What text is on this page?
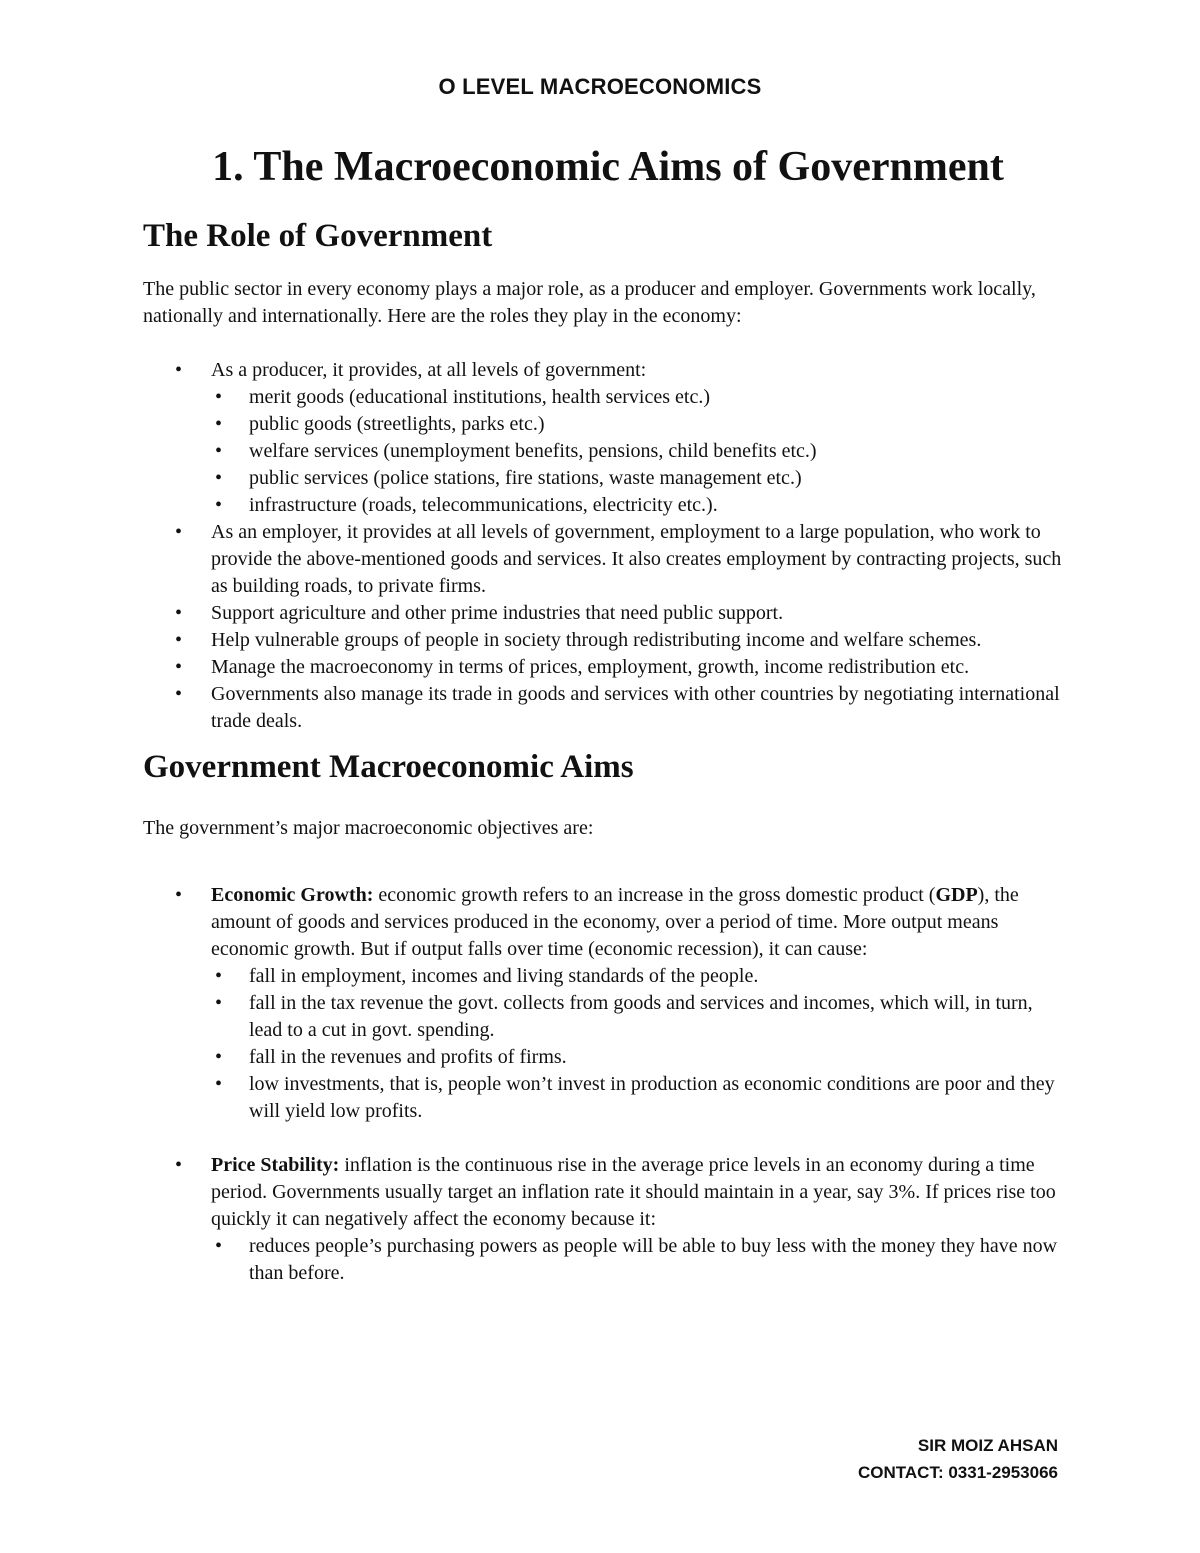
O LEVEL MACROECONOMICS
1. The Macroeconomic Aims of Government
The Role of Government

The public sector in every economy plays a major role, as a producer and employer. Governments work locally, nationally and internationally. Here are the roles they play in the economy:

• As a producer, it provides, at all levels of government:
• merit goods (educational institutions, health services etc.)
• public goods (streetlights, parks etc.)
• welfare services (unemployment benefits, pensions, child benefits etc.)
• public services (police stations, fire stations, waste management etc.)
• infrastructure (roads, telecommunications, electricity etc.).
• As an employer, it provides at all levels of government, employment to a large population, who work to provide the above-mentioned goods and services. It also creates employment by contracting projects, such as building roads, to private firms.
• Support agriculture and other prime industries that need public support.
• Help vulnerable groups of people in society through redistributing income and welfare schemes.
• Manage the macroeconomy in terms of prices, employment, growth, income redistribution etc.
• Governments also manage its trade in goods and services with other countries by negotiating international trade deals.
Government Macroeconomic Aims

The government’s major macroeconomic objectives are:

• Economic Growth: economic growth refers to an increase in the gross domestic product (GDP), the amount of goods and services produced in the economy, over a period of time. More output means economic growth. But if output falls over time (economic recession), it can cause:
• fall in employment, incomes and living standards of the people.
• fall in the tax revenue the govt. collects from goods and services and incomes, which will, in turn, lead to a cut in govt. spending.
• fall in the revenues and profits of firms.
• low investments, that is, people won’t invest in production as economic conditions are poor and they will yield low profits.
• Price Stability: inflation is the continuous rise in the average price levels in an economy during a time period. Governments usually target an inflation rate it should maintain in a year, say 3%. If prices rise too quickly it can negatively affect the economy because it:
• reduces people’s purchasing powers as people will be able to buy less with the money they have now than before.
SIR MOIZ AHSAN
CONTACT: 0331-2953066
